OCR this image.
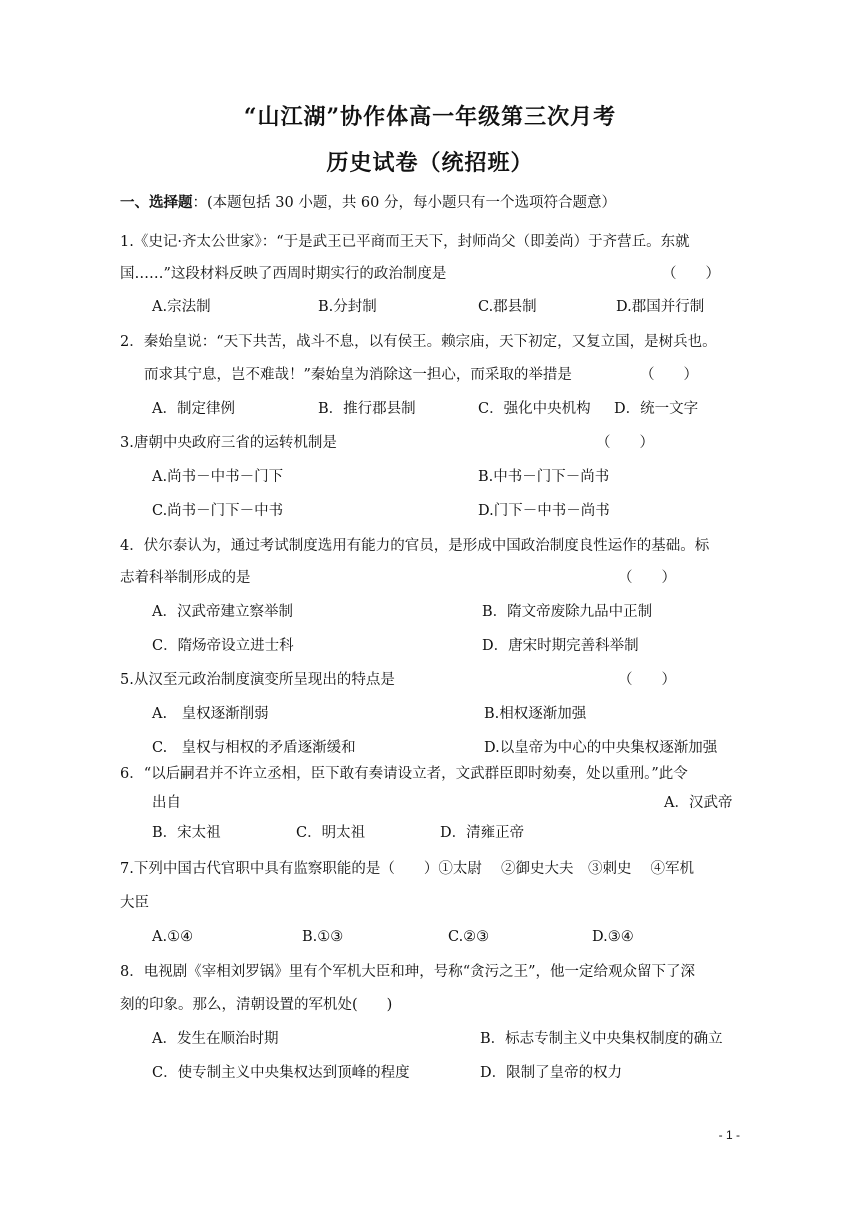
“山江湖”协作体高一年级第三次月考
历史试卷（统招班）
一、选择题：(本题包括 30 小题，共 60 分，每小题只有一个选项符合题意）
1.《史记·齐太公世家》：“于是武王已平商而王天下，封师尚父（即姜尚）于齐营丘。东就
国……”这段材料反映了西周时期实行的政治制度是	（　　）
A.宗法制	B.分封制	C.郡县制	D.郡国并行制
2．秦始皇说：“天下共苦，战斗不息，以有侯王。赖宗庙，天下初定，又复立国，是树兵也。
而求其宁息，岂不难哉！”秦始皇为消除这一担心，而采取的举措是	（　　）
A．制定律例	B．推行郡县制	C．强化中央机构 D．统一文字
3.唐朝中央政府三省的运转机制是	（　　）
A.尚书－中书－门下	B.中书－门下－尚书
C.尚书－门下－中书	D.门下－中书－尚书
4．伏尔泰认为，通过考试制度选用有能力的官员，是形成中国政治制度良性运作的基础。标
志着科举制形成的是	（　　）
A．汉武帝建立察举制	B．隋文帝废除九品中正制
C．隋炀帝设立进士科	D．唐宋时期完善科举制
5.从汉至元政治制度演变所呈现出的特点是	（　　）
A.　皇权逐渐削弱	B.相权逐渐加强
C.　皇权与相权的矛盾逐渐缓和	D.以皇帝为中心的中央集权逐渐加强
6．“以后嗣君并不许立丞相，臣下敢有奏请设立者，文武群臣即时劾奏，处以重刑。”此令
出自	A．汉武帝
B．宋太祖	C．明太祖	D．清雍正帝
7.下列中国古代官职中具有监察职能的是（　　）①太尉　 ②御史大夫　③刺史　 ④军机
大臣
A.①④	B.①③	C.②③	D.③④
8．电视剧《宰相刘罗锅》里有个军机大臣和珅，号称“贪污之王”，他一定给观众留下了深
刻的印象。那么，清朝设置的军机处(　　)
A．发生在顺治时期	B．标志专制主义中央集权制度的确立
C．使专制主义中央集权达到顶峰的程度	D．限制了皇帝的权力
- 1 -
